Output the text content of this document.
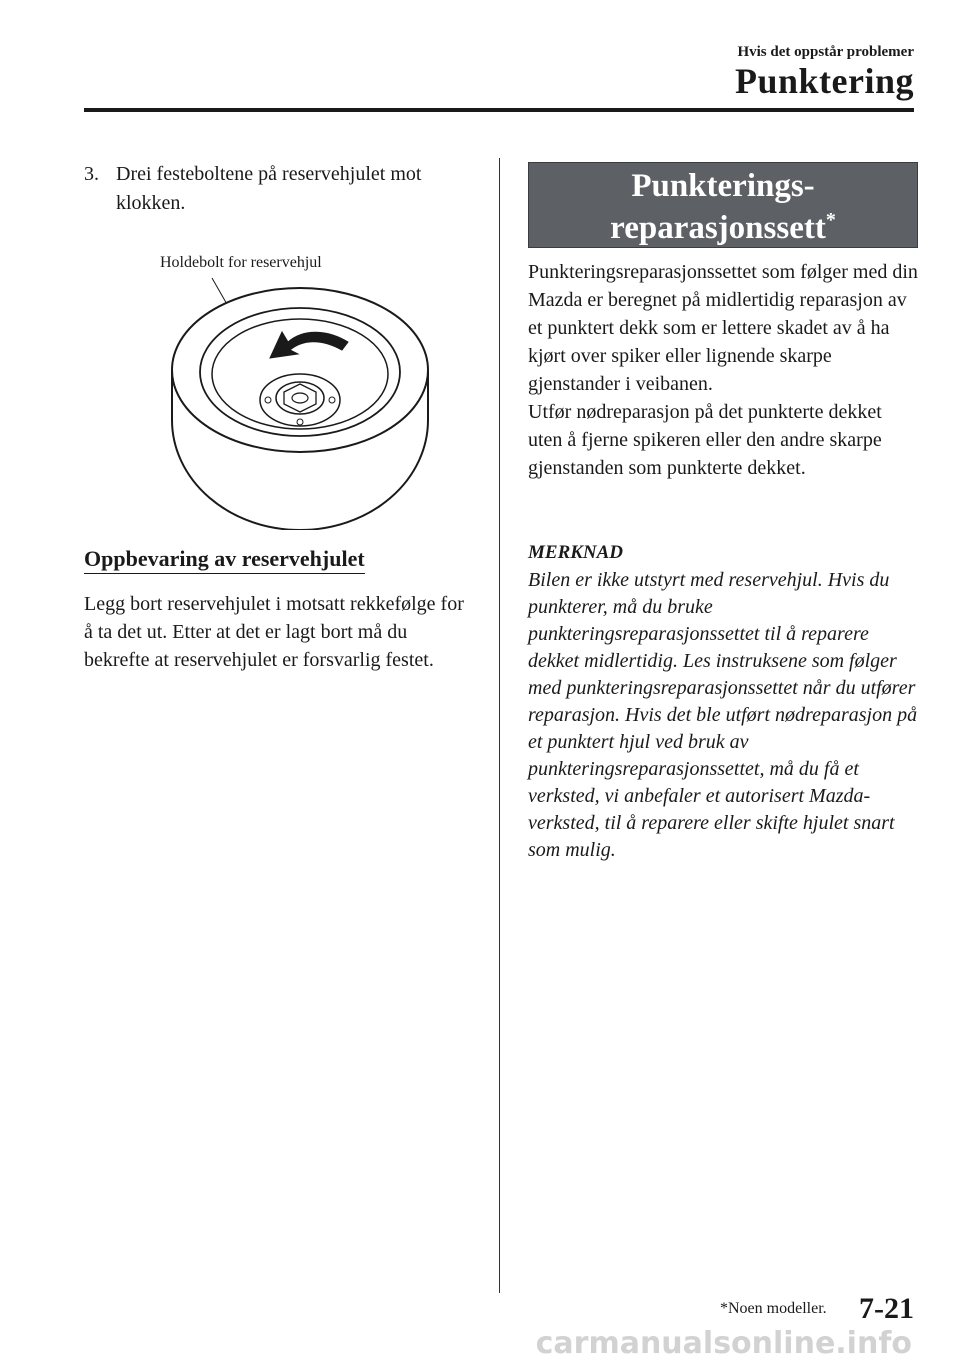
Hvis det oppstår problemer
Punktering
3. Drei festeboltene på reservehjulet mot klokken.
Holdebolt for reservehjul
Oppbevaring av reservehjulet
Legg bort reservehjulet i motsatt rekkefølge for å ta det ut. Etter at det er lagt bort må du bekrefte at reservehjulet er forsvarlig festet.
Punkterings-
reparasjonssett*
Punkteringsreparasjonssettet som følger med din Mazda er beregnet på midlertidig reparasjon av et punktert dekk som er lettere skadet av å ha kjørt over spiker eller lignende skarpe gjenstander i veibanen.
Utfør nødreparasjon på det punkterte dekket uten å fjerne spikeren eller den andre skarpe gjenstanden som punkterte dekket.
MERKNAD
Bilen er ikke utstyrt med reservehjul. Hvis du punkterer, må du bruke punkteringsreparasjonssettet til å reparere dekket midlertidig. Les instruksene som følger med punkteringsreparasjonssettet når du utfører reparasjon. Hvis det ble utført nødreparasjon på et punktert hjul ved bruk av punkteringsreparasjonssettet, må du få et verksted, vi anbefaler et autorisert Mazda-verksted, til å reparere eller skifte hjulet snart som mulig.
*Noen modeller. 7-21
carmanualsonline.info
